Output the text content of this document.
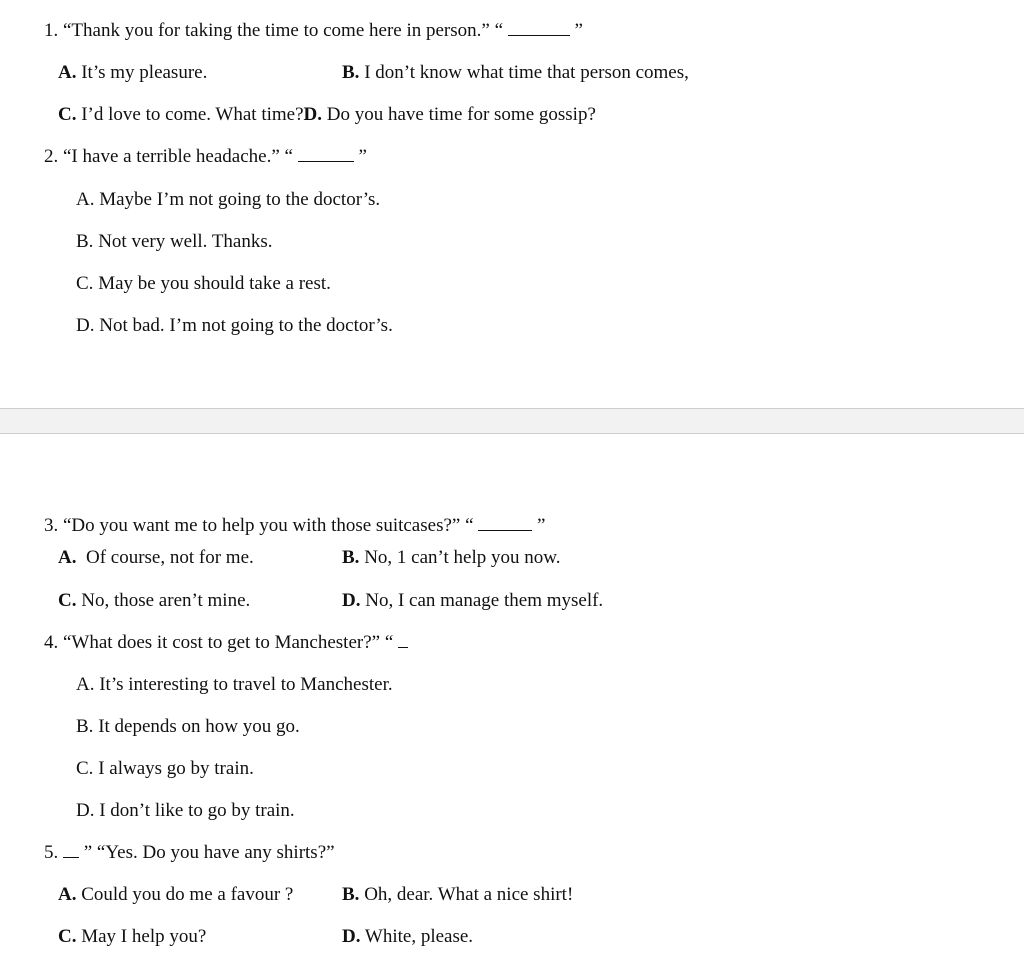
1. “Thank you for taking the time to come here in person.” “	”
A. It’s my pleasure.	B. I don’t know what time that person comes,
C. I’d love to come. What time?D. Do you have time for some gossip?
2. “I have a terrible headache.” “	”
A. Maybe I’m not going to the doctor’s.
B. Not very well. Thanks.
C. May be you should take a rest.
D. Not bad. I’m not going to the doctor’s.
3. “Do you want me to help you with those suitcases?” “	”
A. Of course, not for me.	B. No, 1 can’t help you now.
C. No, those aren’t mine.	D. No, I can manage them myself.
4. “What does it cost to get to Manchester?” “
A. It’s interesting to travel to Manchester.
B. It depends on how you go.
C. I always go by train.
D. I don’t like to go by train.
5. ” “Yes. Do you have any shirts?”
A. Could you do me a favour ?	B. Oh, dear. What a nice shirt!
C. May I help you?	D. White, please.
